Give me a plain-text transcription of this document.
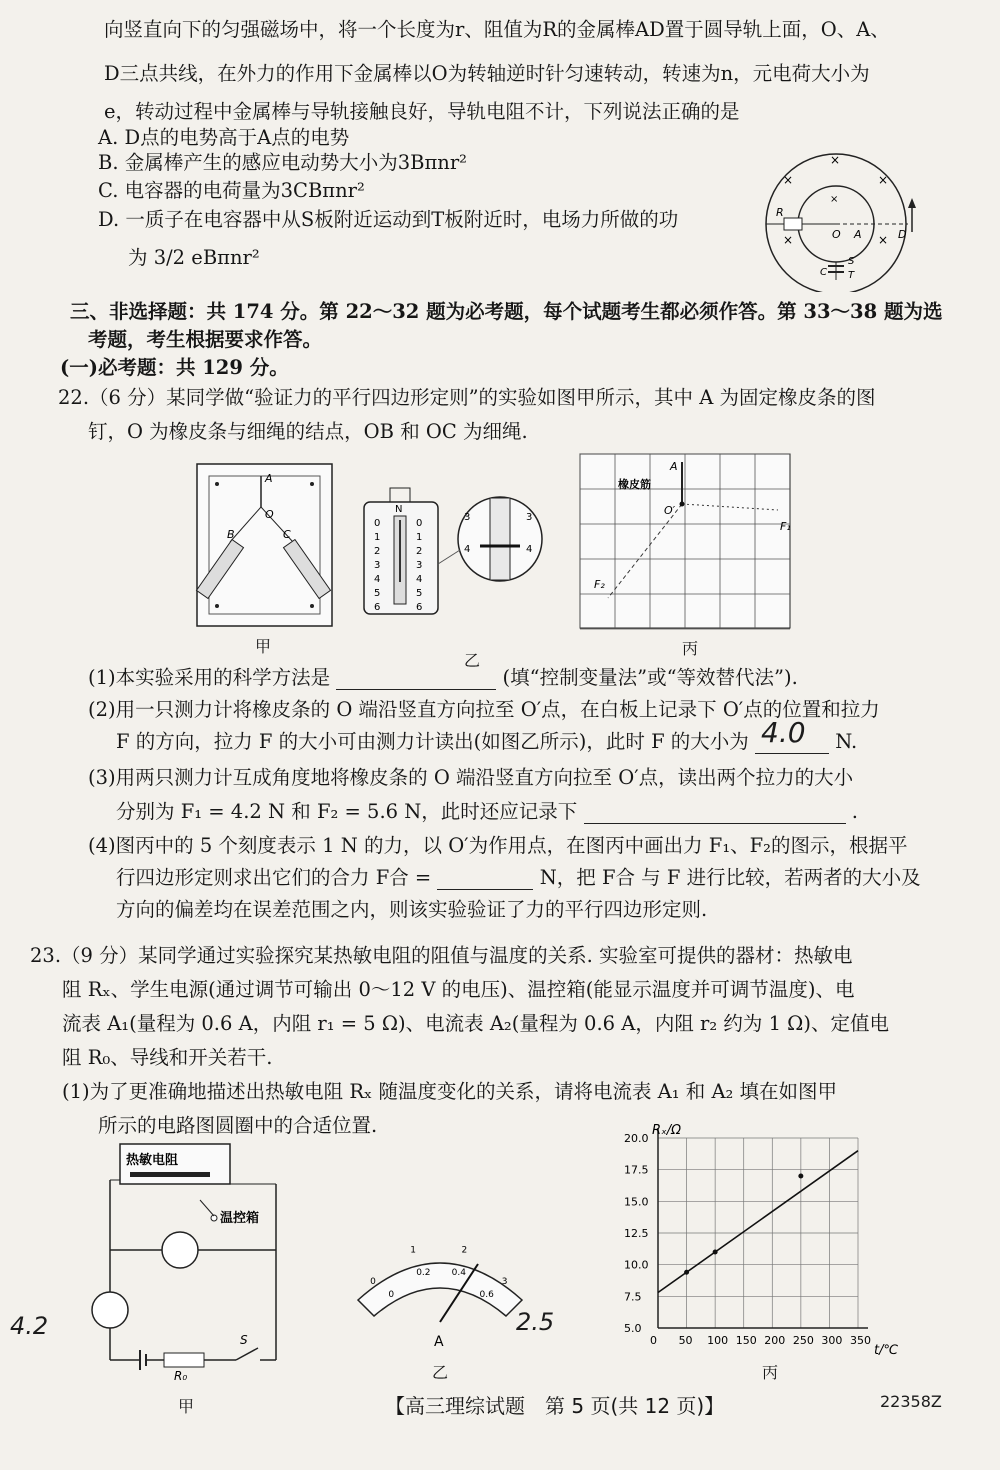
向竖直向下的匀强磁场中，将一个长度为r、阻值为R的金属棒AD置于圆导轨上面，O、A、
D三点共线，在外力的作用下金属棒以O为转轴逆时针匀速转动，转速为n，元电荷大小为
e，转动过程中金属棒与导轨接触良好，导轨电阻不计，下列说法正确的是
A. D点的电势高于A点的电势
B. 金属棒产生的感应电动势大小为3Bπnr²
C. 电容器的电荷量为3CBπnr²
D. 一质子在电容器中从S板附近运动到T板附近时，电场力所做的功
为 3/2 eBπnr²
R
O A	D
S
T
C
×	×
×	×
×
×
三、非选择题：共 174 分。第 22～32 题为必考题，每个试题考生都必须作答。第 33～38 题为选
考题，考生根据要求作答。
(一)必考题：共 129 分。
22.（6 分）某同学做“验证力的平行四边形定则”的实验如图甲所示，其中 A 为固定橡皮条的图
钉，O 为橡皮条与细绳的结点，OB 和 OC 为细绳.
A
O
B	C
甲
N
0
1
2
3
4
5
6
0
1
2
3
4
5
6
3
4
3
4
乙
橡皮筋
A
O′
F₁
F₂
丙
(1)本实验采用的科学方法是	(填“控制变量法”或“等效替代法”).
(2)用一只测力计将橡皮条的 O 端沿竖直方向拉至 O′点，在白板上记录下 O′点的位置和拉力
F 的方向，拉力 F 的大小可由测力计读出(如图乙所示)，此时 F 的大小为 4.0 N.
(3)用两只测力计互成角度地将橡皮条的 O 端沿竖直方向拉至 O′点，读出两个拉力的大小
分别为 F₁ = 4.2 N 和 F₂ = 5.6 N，此时还应记录下	.
(4)图丙中的 5 个刻度表示 1 N 的力，以 O′为作用点，在图丙中画出力 F₁、F₂的图示，根据平
行四边形定则求出它们的合力 F合 =	N，把 F合 与 F 进行比较，若两者的大小及
方向的偏差均在误差范围之内，则该实验验证了力的平行四边形定则.
23.（9 分）某同学通过实验探究某热敏电阻的阻值与温度的关系. 实验室可提供的器材：热敏电
阻 Rₓ、学生电源(通过调节可输出 0～12 V 的电压)、温控箱(能显示温度并可调节温度)、电
流表 A₁(量程为 0.6 A，内阻 r₁ = 5 Ω)、电流表 A₂(量程为 0.6 A，内阻 r₂ 约为 1 Ω)、定值电
阻 R₀、导线和开关若干.
(1)为了更准确地描述出热敏电阻 Rₓ 随温度变化的关系，请将电流表 A₁ 和 A₂ 填在如图甲
所示的电路图圆圈中的合适位置.
热敏电阻
温控箱
R₀
S
甲
4.2
A
0
1	2
3
0
0.2 0.4
0.6
乙
2.5
0 50 100 150 200 250 300 350
5.0
7.5
10.0
12.5
15.0
17.5
20.0
Rₓ/Ω
t/℃
丙
【高三理综试题　第 5 页(共 12 页)】	22358Z
